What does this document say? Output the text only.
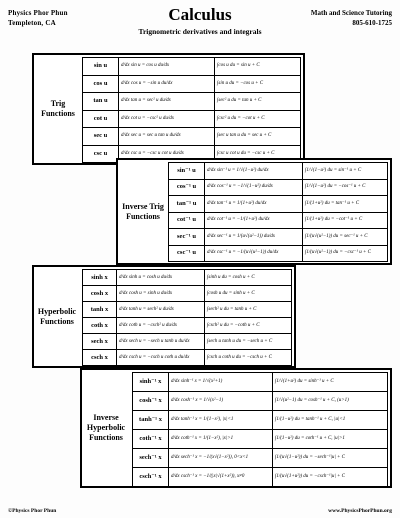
Physics Phor Phun
Templeton, CA	Calculus
Trignometric derivatives and integrals
Math and Science Tutoring
805-610-1725
Trig Functions
sin u	d/dx sin u = cos u du/dx	∫cos u du = sin u + C
cos u	d/dx cos u = −sin u du/dx	∫sin u du = −cos u + C
tan u	d/dx tan u = sec² u du/dx	∫sec² u du = tan u + C
cot u	d/dx cot u = −csc² u du/dx	∫csc² u du = −cot u + C
sec u	d/dx sec u = sec u tan u du/dx	∫sec u tan u du = sec u + C
csc u	d/dx csc u = −csc u cot u du/dx	∫csc u cot u du = −csc u + C
Inverse Trig Functions
sin⁻¹ u	d/dx sin⁻¹ u = 1/√(1−u²) du/dx	∫1/√(1−u²) du = sin⁻¹ u + C
cos⁻¹ u	d/dx cos⁻¹ u = −1/√(1−u²) du/dx	∫1/√(1−u²) du = −cos⁻¹ u + C
tan⁻¹ u	d/dx tan⁻¹ u = 1/(1+u²) du/dx	∫1/(1+u²) du = tan⁻¹ u + C
cot⁻¹ u	d/dx cot⁻¹ u = −1/(1+u²) du/dx	∫1/(1+u²) du = −cot⁻¹ u + C
sec⁻¹ u	d/dx sec⁻¹ u = 1/(u√(u²−1)) du/dx	∫1/(u√(u²−1)) du = sec⁻¹ u + C
csc⁻¹ u	d/dx csc⁻¹ u = −1/(u√(u²−1)) du/dx	∫1/(u√(u²−1)) du = −csc⁻¹ u + C
Hyperbolic Functions
sinh x	d/dx sinh u = cosh u du/dx	∫sinh u du = cosh u + C
cosh x	d/dx cosh u = sinh u du/dx	∫cosh u du = sinh u + C
tanh x	d/dx tanh u = sech² u du/dx	∫sech² u du = tanh u + C
coth x	d/dx coth u = −csch² u du/dx	∫csch² u du = −coth u + C
sech x	d/dx sech u = −sech u tanh u du/dx	∫sech u tanh u du = −sech u + C
csch x	d/dx csch u = −csch u coth u du/dx	∫csch u coth u du = −csch u + C
Inverse Hyperbolic Functions
sinh⁻¹ x	d/dx sinh⁻¹ x = 1/√(x²+1)	∫1/√(1+u²) du = sinh⁻¹ u + C
cosh⁻¹ x	d/dx cosh⁻¹ x = 1/√(x²−1)	∫1/√(u²−1) du = cosh⁻¹ u + C, (u>1)
tanh⁻¹ x	d/dx tanh⁻¹ x = 1/(1−x²), |x|<1	∫1/(1−u²) du = tanh⁻¹ u + C, |u|<1
coth⁻¹ x	d/dx coth⁻¹ x = 1/(1−x²), |x|>1	∫1/(1−u²) du = coth⁻¹ u + C, |u|>1
sech⁻¹ x	d/dx sech⁻¹ x = −1/(x√(1−x²)), 0<x<1	∫1/(u√(1−u²)) du = −sech⁻¹|u| + C
csch⁻¹ x	d/dx csch⁻¹ x = −1/(|x|√(1+x²)), x≠0	∫1/(u√(1+u²)) du = −csch⁻¹|u| + C
©Physics Phor Phun	www.PhysicsPhorPhun.org
